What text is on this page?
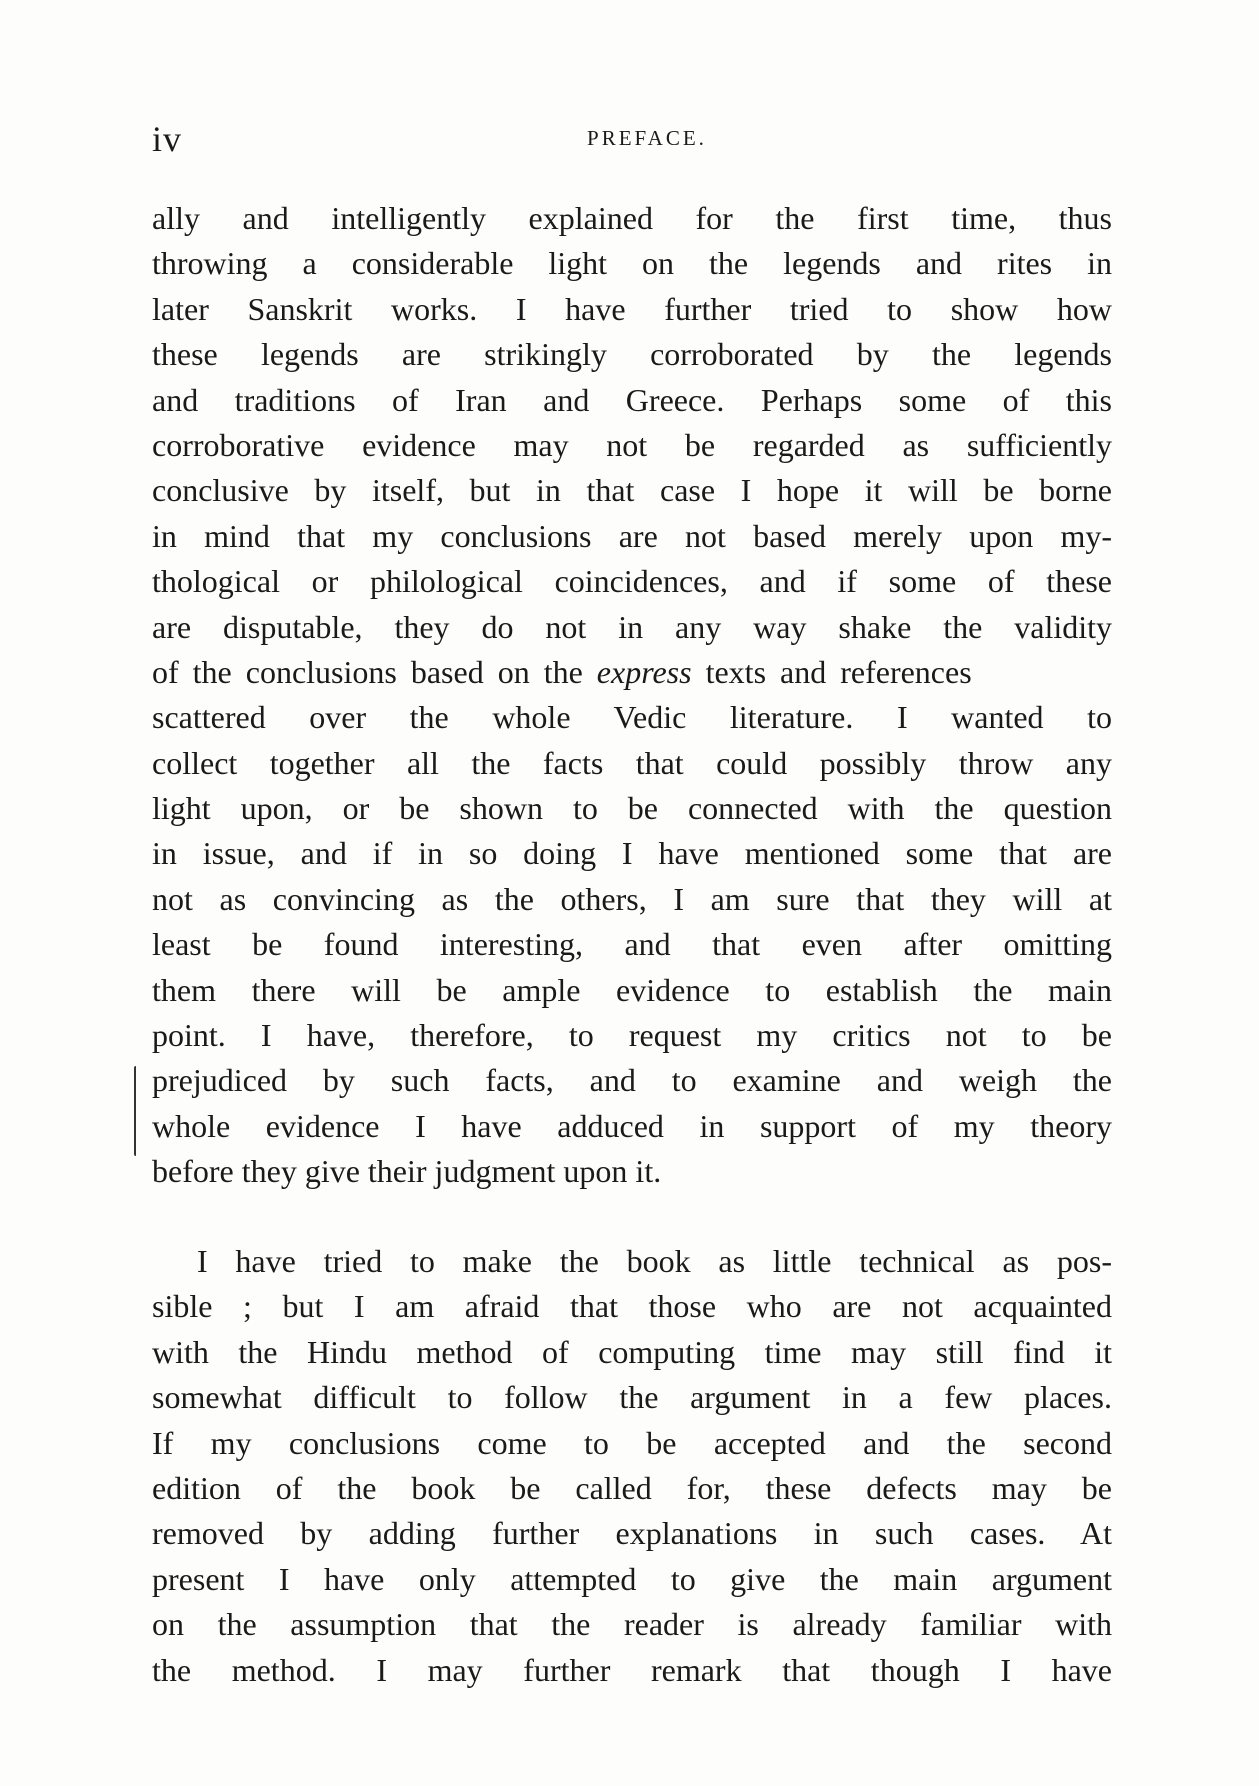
iv	PREFACE.
ally and intelligently explained for the first time, thus
throwing a considerable light on the legends and rites in
later Sanskrit works. I have further tried to show how
these legends are strikingly corroborated by the legends
and traditions of Iran and Greece. Perhaps some of this
corroborative evidence may not be regarded as sufficiently
conclusive by itself, but in that case I hope it will be borne
in mind that my conclusions are not based merely upon my-
thological or philological coincidences, and if some of these
are disputable, they do not in any way shake the validity
of the conclusions based on the express texts and references
scattered over the whole Vedic literature. I wanted to
collect together all the facts that could possibly throw any
light upon, or be shown to be connected with the question
in issue, and if in so doing I have mentioned some that are
not as convincing as the others, I am sure that they will at
least be found interesting, and that even after omitting
them there will be ample evidence to establish the main
point. I have, therefore, to request my critics not to be
prejudiced by such facts, and to examine and weigh the
whole evidence I have adduced in support of my theory
before they give their judgment upon it.
I have tried to make the book as little technical as pos-
sible ; but I am afraid that those who are not acquainted
with the Hindu method of computing time may still find it
somewhat difficult to follow the argument in a few places.
If my conclusions come to be accepted and the second
edition of the book be called for, these defects may be
removed by adding further explanations in such cases. At
present I have only attempted to give the main argument
on the assumption that the reader is already familiar with
the method. I may further remark that though I have
